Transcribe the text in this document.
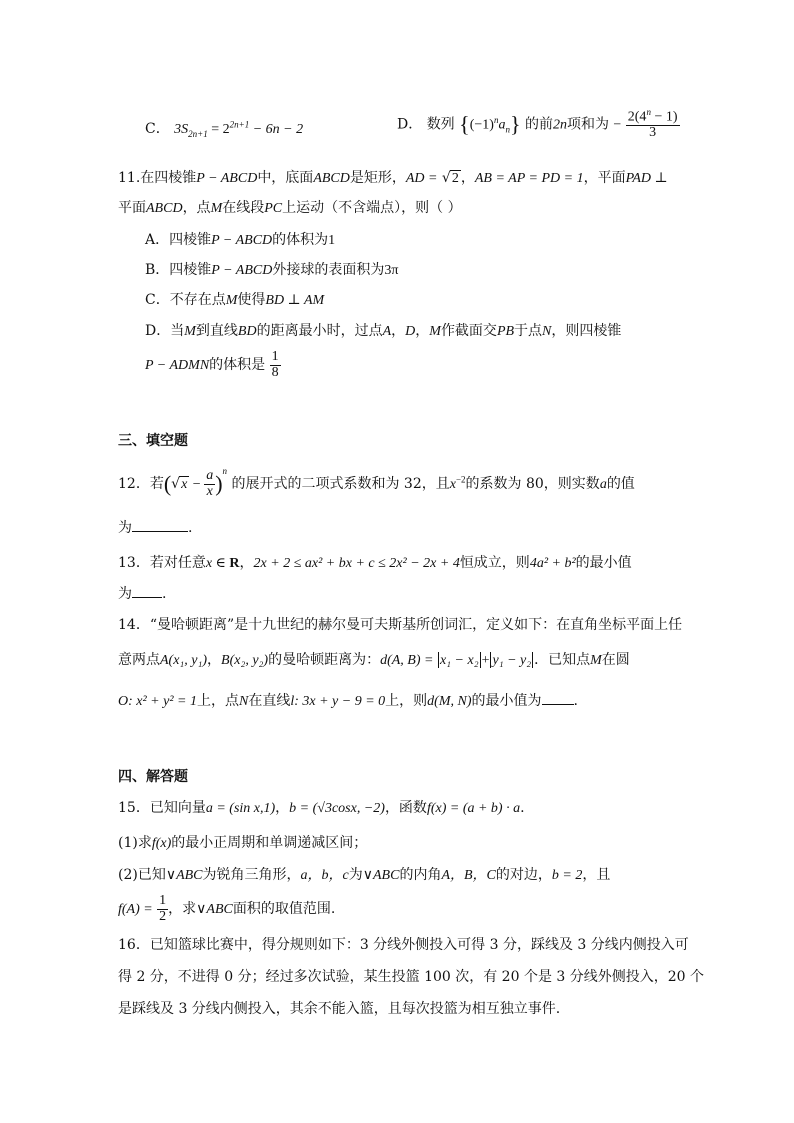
C． $3S_{2n+1} = 2^{2n+1} - 6n - 2$	D． 数列 $\{(-1)^na_n\}$ 的前2n项和为 − $\frac{2(4^n - 1)}{3}$
11.在四棱锥P − ABCD中，底面ABCD是矩形，AD = √2 ，AB = AP = PD = 1，平面PAD ⊥
平面ABCD，点M在线段PC上运动（不含端点），则（ ）
A．四棱锥P − ABCD的体积为1
B．四棱锥P − ABCD外接球的表面积为3π
C．不存在点M使得BD ⊥ AM
D．当M到直线BD的距离最小时，过点A，D，M作截面交PB于点N，则四棱锥
P − ADMN的体积是 $\frac{1}{8}$
三、填空题
12．若$(√x - \frac{a}{x} )^n$ 的展开式的二项式系数和为 32，且$x^{-2}$的系数为 80，则实数a的值
为	.
13．若对任意x ∈ R，2x + 2 ≤ ax² + bx + c ≤ 2x² − 2x + 4恒成立，则4a² + b²的最小值
为 .
14．“曼哈顿距离”是十九世纪的赫尔曼可夫斯基所创词汇，定义如下：在直角坐标平面上任
意两点A(x₁, y₁)，B(x₂, y₂)的曼哈顿距离为：d(A, B) = x₁ − x₂ + y₁ − y₂ ．已知点M在圆
O: x² + y² = 1上，点N在直线l: 3x + y − 9 = 0上，则d(M, N)的最小值为 .
四、解答题
15．已知向量a = (sin x,1)，b = (√3cosx, −2)，函数f(x) = (a + b) · a.
(1)求f(x)的最小正周期和单调递减区间；
(2)已知∨ABC为锐角三角形，a，b，c为∨ABC的内角A，B，C的对边，b = 2，且
$f(A) = \frac{1}{2}$ ，求∨ABC面积的取值范围.
16．已知篮球比赛中，得分规则如下：3 分线外侧投入可得 3 分，踩线及 3 分线内侧投入可
得 2 分，不进得 0 分；经过多次试验，某生投篮 100 次，有 20 个是 3 分线外侧投入，20 个
是踩线及 3 分线内侧投入，其余不能入篮，且每次投篮为相互独立事件.
